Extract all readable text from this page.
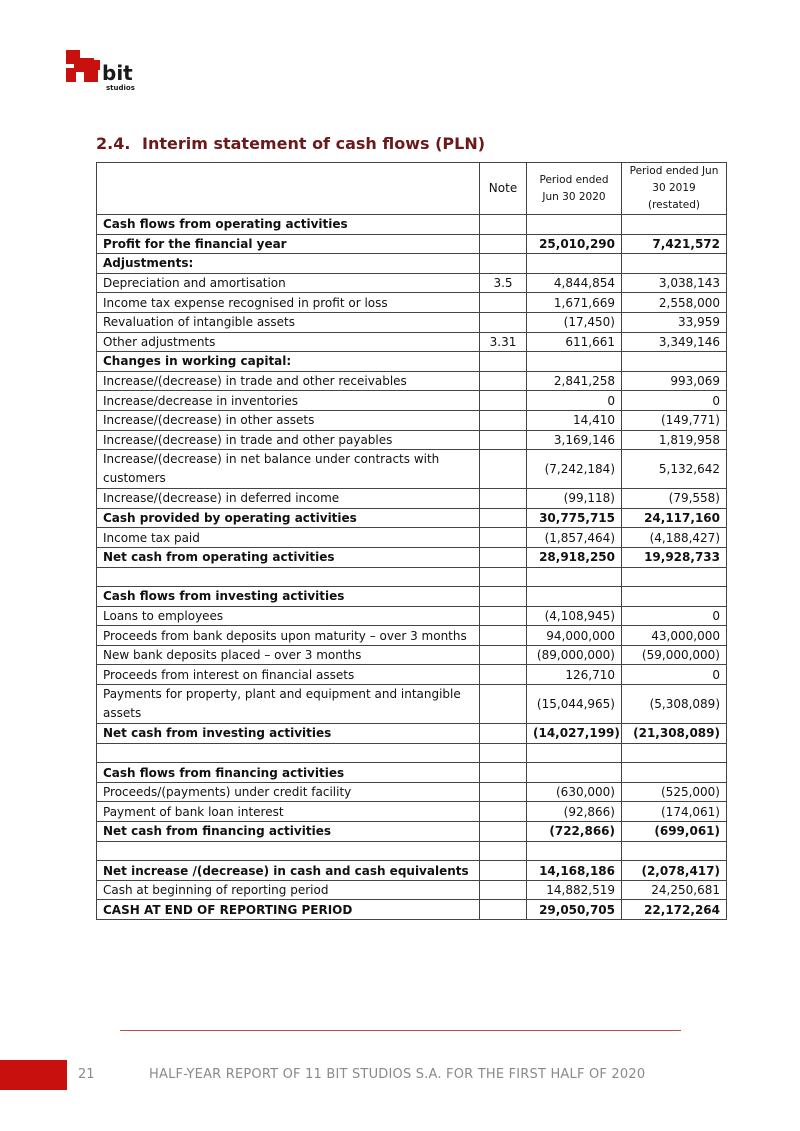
bit
studios
2.4. Interim statement of cash flows (PLN)
	Note	Period ended Jun 30 2020	Period ended Jun 30 2019 (restated)
Cash flows from operating activities			
Profit for the financial year		25,010,290	7,421,572
Adjustments:			
Depreciation and amortisation	3.5	4,844,854	3,038,143
Income tax expense recognised in profit or loss		1,671,669	2,558,000
Revaluation of intangible assets		(17,450)	33,959
Other adjustments	3.31	611,661	3,349,146
Changes in working capital:			
Increase/(decrease) in trade and other receivables		2,841,258	993,069
Increase/decrease in inventories		0	0
Increase/(decrease) in other assets		14,410	(149,771)
Increase/(decrease) in trade and other payables		3,169,146	1,819,958
Increase/(decrease) in net balance under contracts with customers		(7,242,184)	5,132,642
Increase/(decrease) in deferred income		(99,118)	(79,558)
Cash provided by operating activities		30,775,715	24,117,160
Income tax paid		(1,857,464)	(4,188,427)
Net cash from operating activities		28,918,250	19,928,733

Cash flows from investing activities			
Loans to employees		(4,108,945)	0
Proceeds from bank deposits upon maturity – over 3 months		94,000,000	43,000,000
New bank deposits placed – over 3 months		(89,000,000)	(59,000,000)
Proceeds from interest on financial assets		126,710	0
Payments for property, plant and equipment and intangible assets		(15,044,965)	(5,308,089)
Net cash from investing activities		(14,027,199)	(21,308,089)

Cash flows from financing activities			
Proceeds/(payments) under credit facility		(630,000)	(525,000)
Payment of bank loan interest		(92,866)	(174,061)
Net cash from financing activities		(722,866)	(699,061)

Net increase /(decrease) in cash and cash equivalents		14,168,186	(2,078,417)
Cash at beginning of reporting period		14,882,519	24,250,681
CASH AT END OF REPORTING PERIOD		29,050,705	22,172,264
21	HALF-YEAR REPORT OF 11 BIT STUDIOS S.A. FOR THE FIRST HALF OF 2020
